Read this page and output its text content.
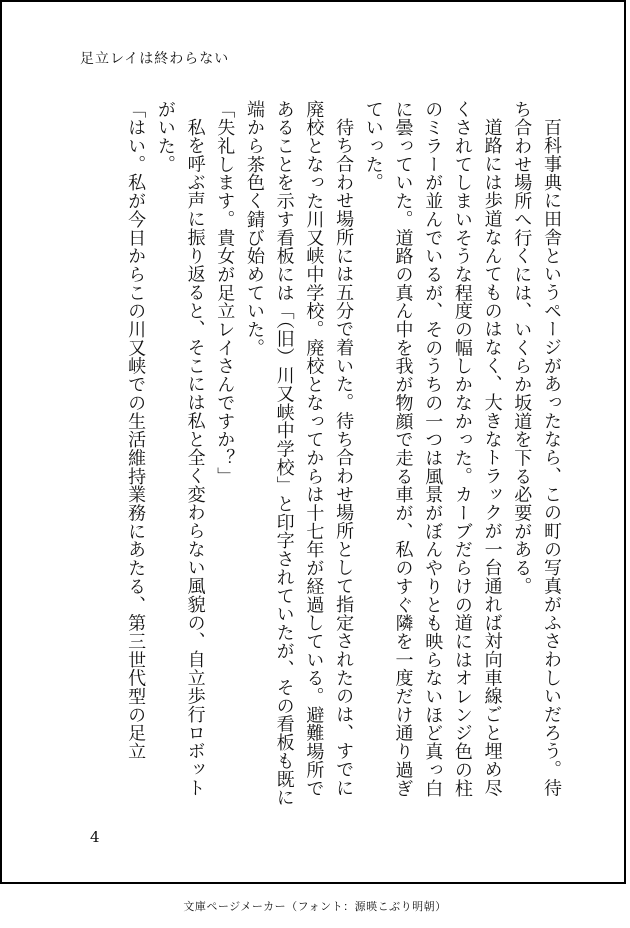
足立レイは終わらない

百科事典に田舎というページがあったなら、この町の写真がふさわしいだろう。待ち合わせ場所へ行くには、いくらか坂道を下る必要がある。

道路には歩道なんてものはなく、大きなトラックが一台通れば対向車線ごと埋め尽くされてしまいそうな程度の幅しかなかった。カーブだらけの道にはオレンジ色の柱のミラーが並んでいるが、そのうちの一つは風景がぼんやりとも映らないほど真っ白に曇っていた。道路の真ん中を我が物顔で走る車が、私のすぐ隣を一度だけ通り過ぎていった。

待ち合わせ場所には五分で着いた。待ち合わせ場所として指定されたのは、すでに廃校となった川又峡中学校。廃校となってからは十七年が経過している。避難場所であることを示す看板には「（旧）川又峡中学校」と印字されていたが、その看板も既に端から茶色く錆び始めていた。

「失礼します。貴女が足立レイさんですか？」

私を呼ぶ声に振り返ると、そこには私と全く変わらない風貌の、自立歩行ロボットがいた。

「はい。私が今日からこの川又峡での生活維持業務にあたる、第三世代型の足立

4
文庫ページメーカー（フォント：源暎こぶり明朝）
